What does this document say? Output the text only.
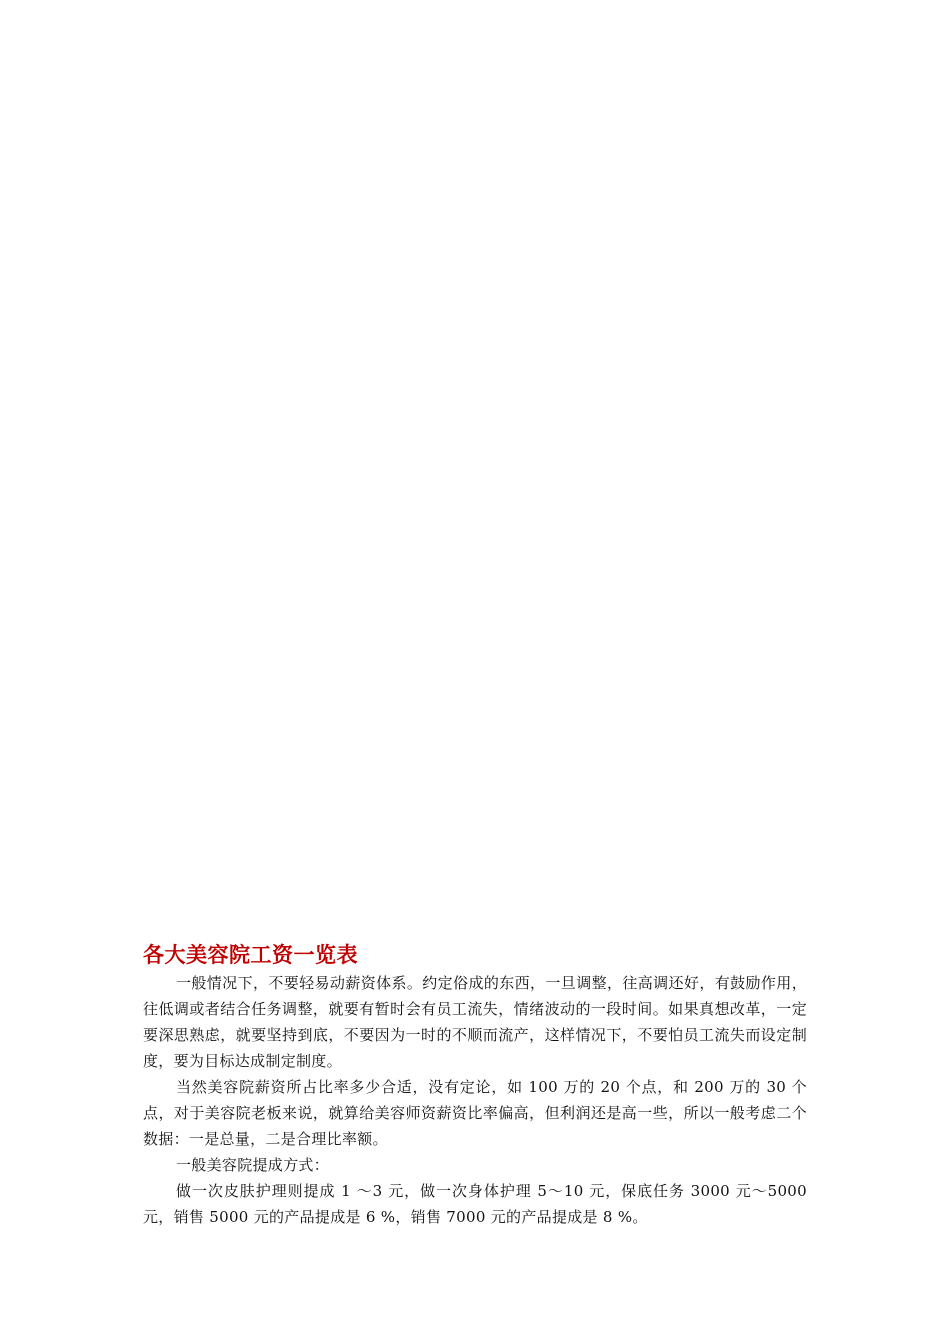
各大美容院工资一览表

一般情况下，不要轻易动薪资体系。约定俗成的东西，一旦调整，往高调还好，有鼓励作用，往低调或者结合任务调整，就要有暂时会有员工流失，情绪波动的一段时间。如果真想改革，一定要深思熟虑，就要坚持到底，不要因为一时的不顺而流产，这样情况下，不要怕员工流失而设定制度，要为目标达成制定制度。

当然美容院薪资所占比率多少合适，没有定论，如 100 万的 20 个点，和 200 万的 30 个点，对于美容院老板来说，就算给美容师资薪资比率偏高，但利润还是高一些，所以一般考虑二个数据：一是总量，二是合理比率额。

一般美容院提成方式：

做一次皮肤护理则提成 1 ～3 元，做一次身体护理 5～10 元，保底任务 3000 元～5000 元，销售 5000 元的产品提成是 6 %，销售 7000 元的产品提成是 8 %。
